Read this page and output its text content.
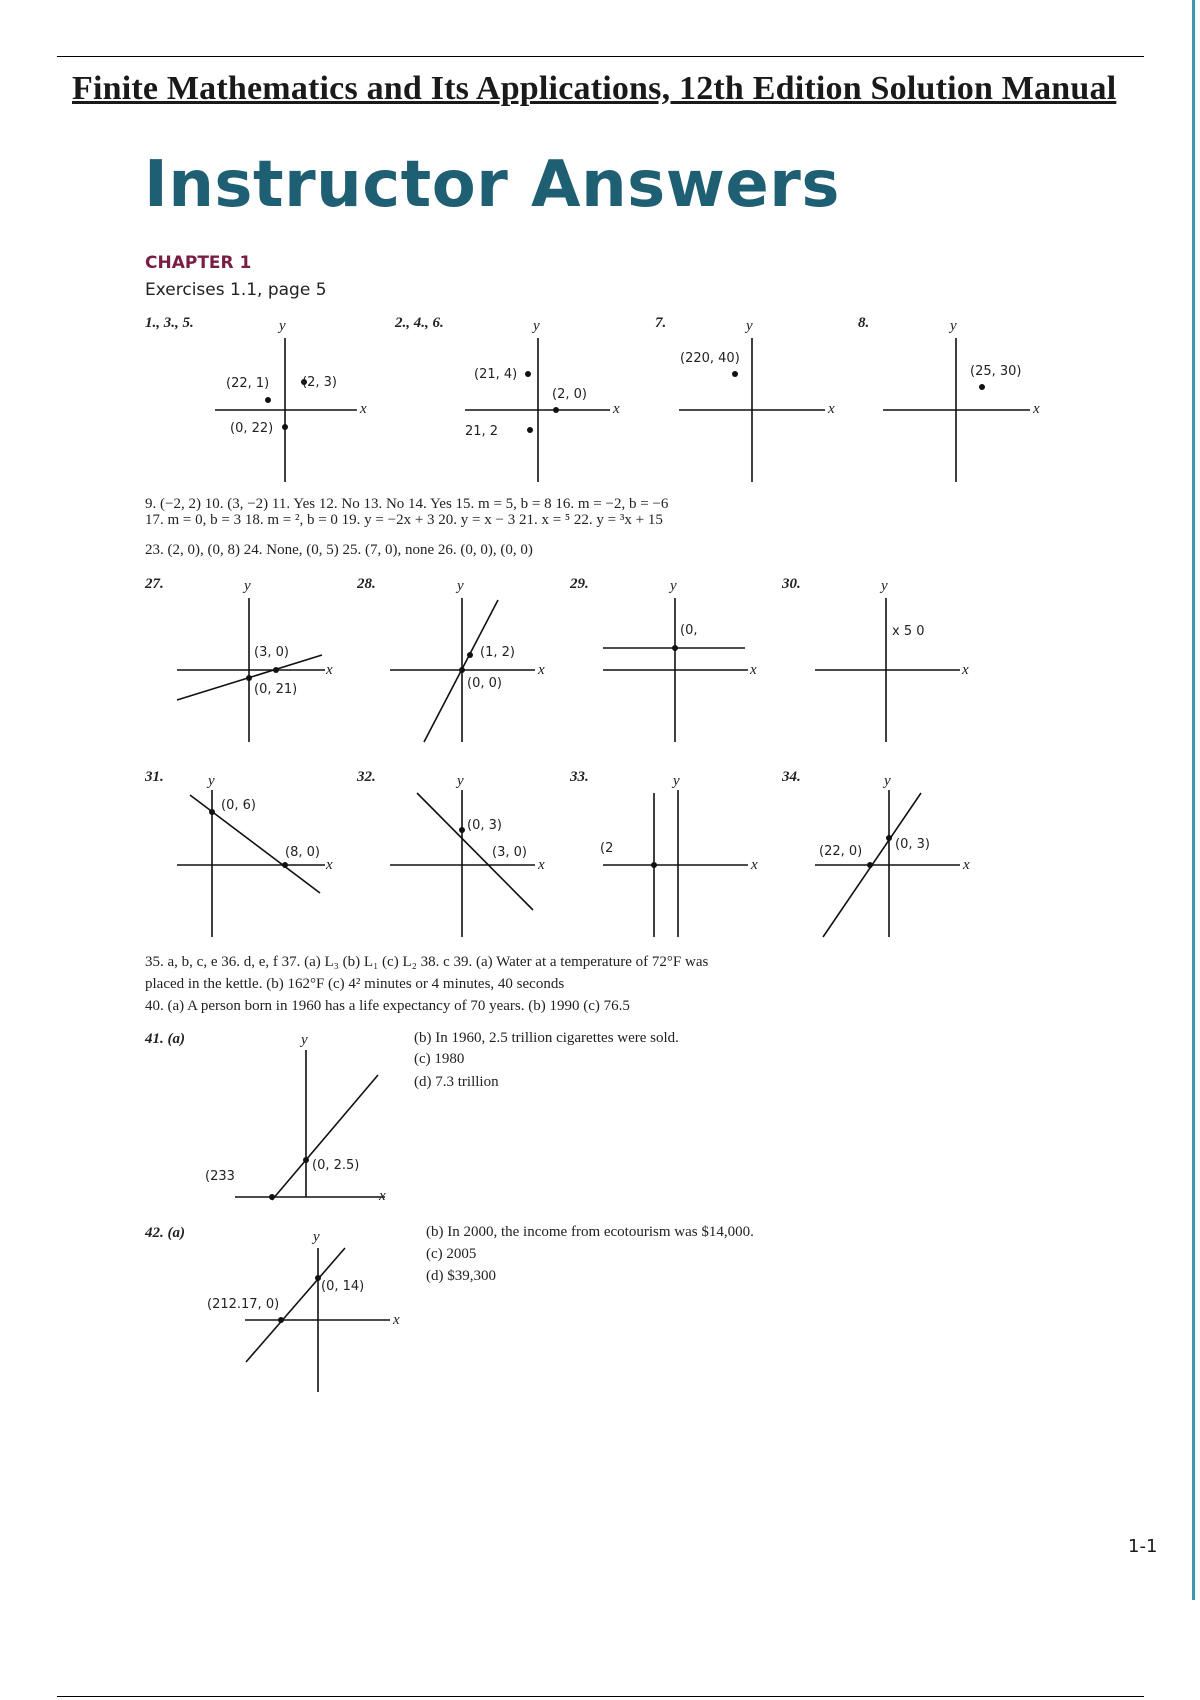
Finite Mathematics and Its Applications, 12th Edition Solution Manual
Instructor Answers
CHAPTER 1
Exercises 1.1, page 5
1., 3., 5.	2., 4., 6.	7.	8.
27.	28.	29.	30.
31.	32.	33.	34.
41. (a)
42. (a)
y
x
y
x
y
x
y
x
y
x
y
x
y
x
y
x
y
x
y
x
y
x
y
x
y
x
y
x
(22, 1)	(2, 3)
(0, 22)
(21, 4)
(2, 0)
21, 2
(220, 40)
(25, 30)
(3, 0)
(0, 21)
(1, 2)
(0, 0)
(0,	x 5 0
(0, 6)
(8, 0)
(0, 3)
(3, 0)	(2	(22, 0)	(0, 3)
(233
(0, 2.5)
(212.17, 0)
(0, 14)
9. (−2, 2) 10. (3, −2) 11. Yes 12. No 13. No 14. Yes 15. m = 5, b = 8 16. m = −2, b = −6
17. m = 0, b = 3 18. m = ², b = 0 19. y = −2x + 3 20. y = x − 3 21. x = ⁵ 22. y = ³x + 15
23. (2, 0), (0, 8) 24. None, (0, 5) 25. (7, 0), none 26. (0, 0), (0, 0)
35. a, b, c, e 36. d, e, f 37. (a) L₃ (b) L₁ (c) L₂ 38. c 39. (a) Water at a temperature of 72°F was
placed in the kettle. (b) 162°F (c) 4² minutes or 4 minutes, 40 seconds
40. (a) A person born in 1960 has a life expectancy of 70 years. (b) 1990 (c) 76.5
(b) In 1960, 2.5 trillion cigarettes were sold.
(c) 1980
(d) 7.3 trillion
(b) In 2000, the income from ecotourism was $14,000.
(c) 2005
(d) $39,300
1-1
